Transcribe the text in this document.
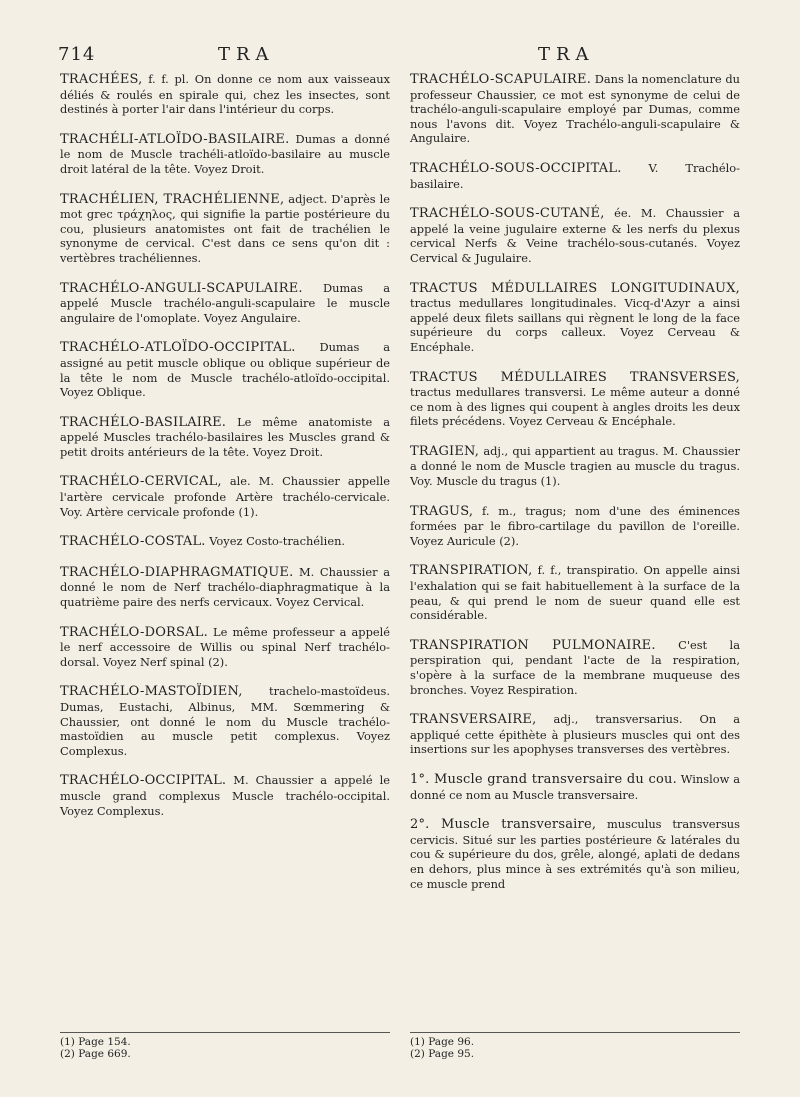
714	TRA	TRA

TRACHÉES, f. f. pl. On donne ce nom aux vaisseaux déliés & roulés en spirale qui, chez les insectes, sont destinés à porter l'air dans l'intérieur du corps.

TRACHÉLI-ATLOÏDO-BASILAIRE. Dumas a donné le nom de Muscle trachéli-atloïdo-basilaire au muscle droit latéral de la tête. Voyez Droit.

TRACHÉLIEN, TRACHÉLIENNE, adject. D'après le mot grec τράχηλος, qui signifie la partie postérieure du cou, plusieurs anatomistes ont fait de trachélien le synonyme de cervical. C'est dans ce sens qu'on dit : vertèbres trachéliennes.

TRACHÉLO-ANGULI-SCAPULAIRE. Dumas a appelé Muscle trachélo-anguli-scapulaire le muscle angulaire de l'omoplate. Voyez Angulaire.

TRACHÉLO-ATLOÏDO-OCCIPITAL. Dumas a assigné au petit muscle oblique ou oblique supérieur de la tête le nom de Muscle trachélo-atloïdo-occipital. Voyez Oblique.

TRACHÉLO-BASILAIRE. Le même anatomiste a appelé Muscles trachélo-basilaires les Muscles grand & petit droits antérieurs de la tête. Voyez Droit.

TRACHÉLO-CERVICAL, ale. M. Chaussier appelle l'artère cervicale profonde Artère trachélo-cervicale. Voy. Artère cervicale profonde (1).

TRACHÉLO-COSTAL. Voyez Costo-trachélien.

TRACHÉLO-DIAPHRAGMATIQUE. M. Chaussier a donné le nom de Nerf trachélo-diaphragmatique à la quatrième paire des nerfs cervicaux. Voyez Cervical.

TRACHÉLO-DORSAL. Le même professeur a appelé le nerf accessoire de Willis ou spinal Nerf trachélo-dorsal. Voyez Nerf spinal (2).

TRACHÉLO-MASTOÏDIEN, trachelo-mastoïdeus. Dumas, Eustachi, Albinus, MM. Sœmmering & Chaussier, ont donné le nom du Muscle trachélo-mastoïdien au muscle petit complexus. Voyez Complexus.

TRACHÉLO-OCCIPITAL. M. Chaussier a appelé le muscle grand complexus Muscle trachélo-occipital. Voyez Complexus.

TRACHÉLO-SCAPULAIRE. Dans la nomenclature du professeur Chaussier, ce mot est synonyme de celui de trachélo-anguli-scapulaire employé par Dumas, comme nous l'avons dit. Voyez Trachélo-anguli-scapulaire & Angulaire.

TRACHÉLO-SOUS-OCCIPITAL. V. Trachélo-basilaire.

TRACHÉLO-SOUS-CUTANÉ, ée. M. Chaussier a appelé la veine jugulaire externe & les nerfs du plexus cervical Nerfs & Veine trachélo-sous-cutanés. Voyez Cervical & Jugulaire.

TRACTUS MÉDULLAIRES LONGITUDINAUX, tractus medullares longitudinales. Vicq-d'Azyr a ainsi appelé deux filets saillans qui règnent le long de la face supérieure du corps calleux. Voyez Cerveau & Encéphale.

TRACTUS MÉDULLAIRES TRANSVERSES, tractus medullares transversi. Le même auteur a donné ce nom à des lignes qui coupent à angles droits les deux filets précédens. Voyez Cerveau & Encéphale.

TRAGIEN, adj., qui appartient au tragus. M. Chaussier a donné le nom de Muscle tragien au muscle du tragus. Voy. Muscle du tragus (1).

TRAGUS, f. m., tragus; nom d'une des éminences formées par le fibro-cartilage du pavillon de l'oreille. Voyez Auricule (2).

TRANSPIRATION, f. f., transpiratio. On appelle ainsi l'exhalation qui se fait habituellement à la surface de la peau, & qui prend le nom de sueur quand elle est considérable.

TRANSPIRATION PULMONAIRE. C'est la perspiration qui, pendant l'acte de la respiration, s'opère à la surface de la membrane muqueuse des bronches. Voyez Respiration.

TRANSVERSAIRE, adj., transversarius. On a appliqué cette épithète à plusieurs muscles qui ont des insertions sur les apophyses transverses des vertèbres.

1°. Muscle grand transversaire du cou. Winslow a donné ce nom au Muscle transversaire.

2°. Muscle transversaire, musculus transversus cervicis. Situé sur les parties postérieure & latérales du cou & supérieure du dos, grêle, alongé, aplati de dedans en dehors, plus mince à ses extrémités qu'à son milieu, ce muscle prend

(1) Page 154.
(2) Page 669.
(1) Page 96.
(2) Page 95.
